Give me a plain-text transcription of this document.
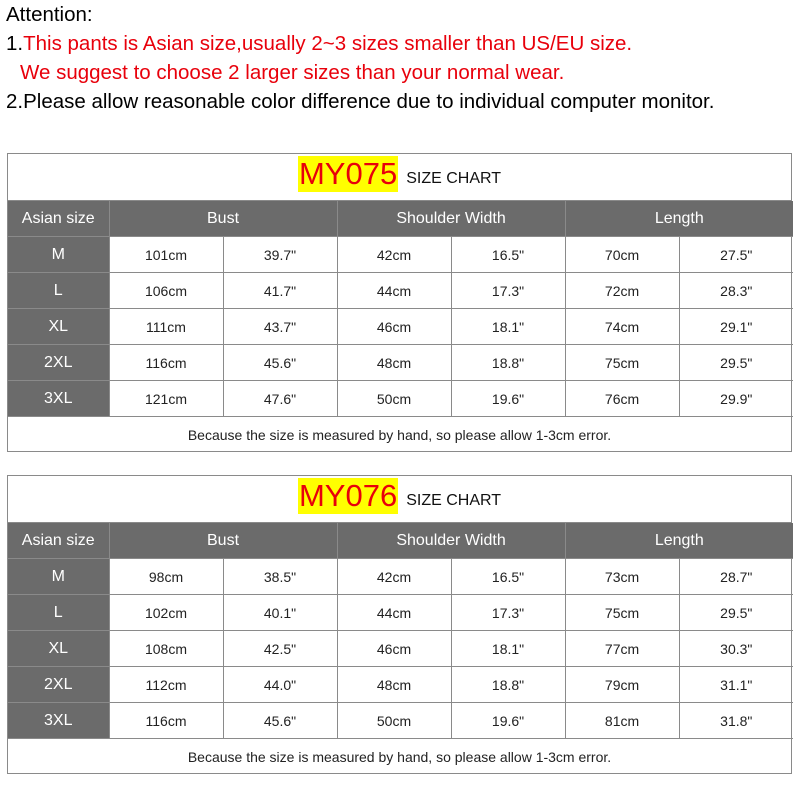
Attention:
1.This pants is Asian size,usually 2~3 sizes smaller than US/EU size.
We suggest to choose 2 larger sizes than your normal wear.
2.Please allow reasonable color difference due to individual computer monitor.
MY075 SIZE CHART
Asian size	Bust		Shoulder Width		Length	
M	101cm	39.7"	42cm	16.5"	70cm	27.5"
L	106cm	41.7"	44cm	17.3"	72cm	28.3"
XL	111cm	43.7"	46cm	18.1"	74cm	29.1"
2XL	116cm	45.6"	48cm	18.8"	75cm	29.5"
3XL	121cm	47.6"	50cm	19.6"	76cm	29.9"
Because the size is measured by hand, so please allow 1-3cm error.
MY076 SIZE CHART
Asian size	Bust		Shoulder Width		Length	
M	98cm	38.5"	42cm	16.5"	73cm	28.7"
L	102cm	40.1"	44cm	17.3"	75cm	29.5"
XL	108cm	42.5"	46cm	18.1"	77cm	30.3"
2XL	112cm	44.0"	48cm	18.8"	79cm	31.1"
3XL	116cm	45.6"	50cm	19.6"	81cm	31.8"
Because the size is measured by hand, so please allow 1-3cm error.
